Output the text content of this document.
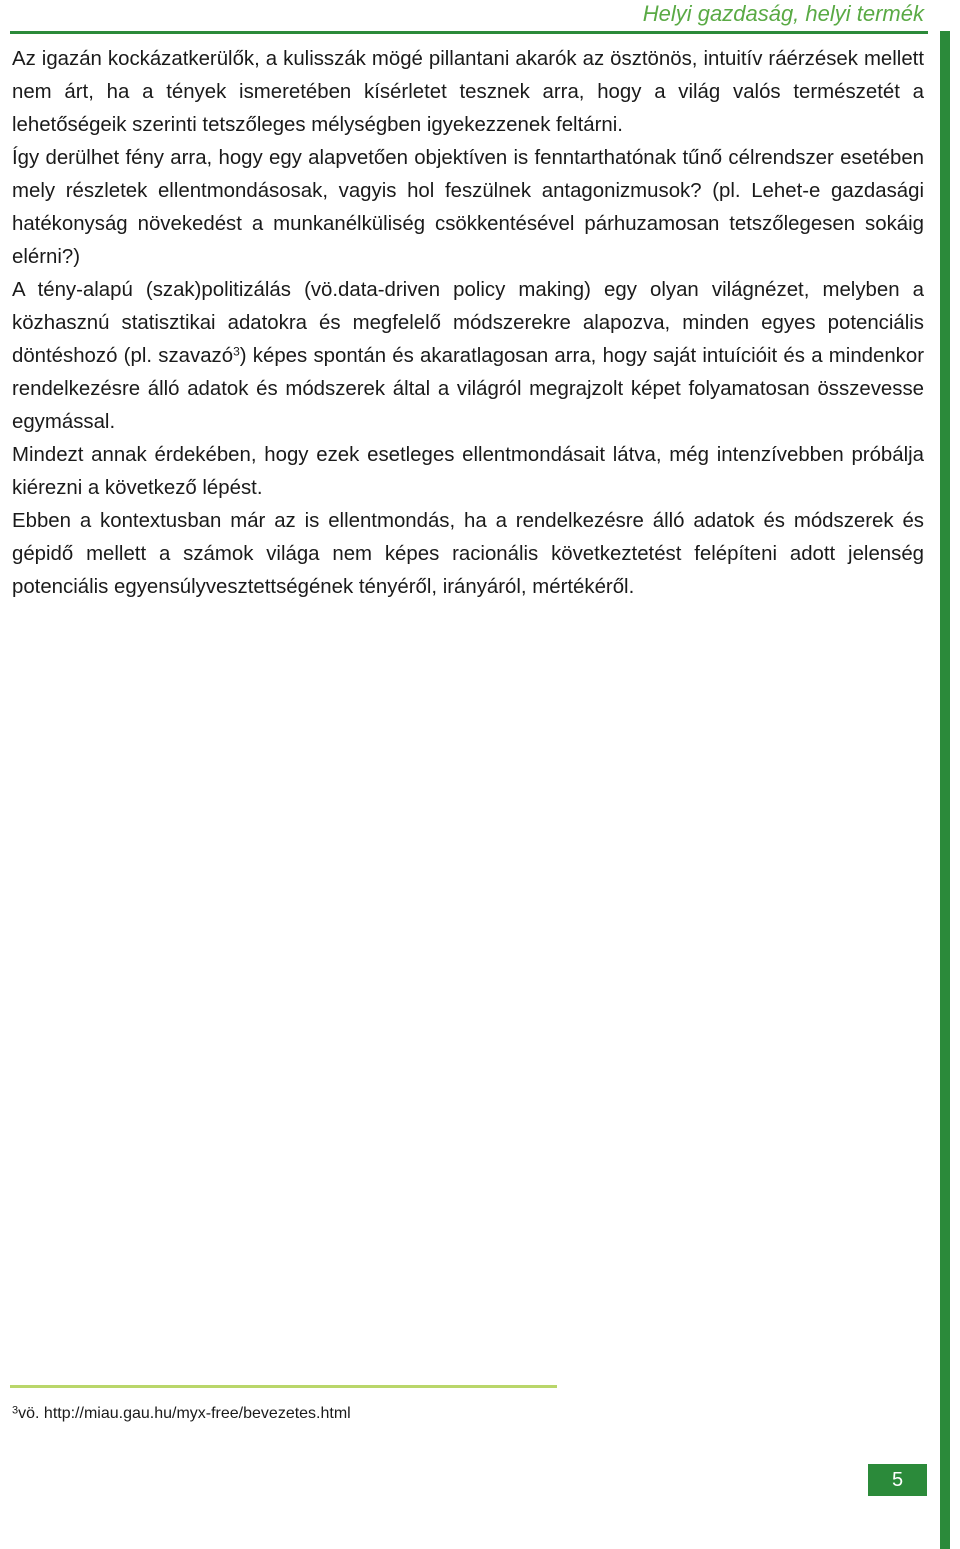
Helyi gazdaság, helyi termék

Az igazán kockázatkerülők, a kulisszák mögé pillantani akarók az ösztönös, intuitív ráérzések mellett nem árt, ha a tények ismeretében kísérletet tesznek arra, hogy a világ valós természetét a lehetőségeik szerinti tetszőleges mélységben igyekezzenek feltárni.

Így derülhet fény arra, hogy egy alapvetően objektíven is fenntarthatónak tűnő célrendszer esetében mely részletek ellentmondásosak, vagyis hol feszülnek antagonizmusok? (pl. Lehet-e gazdasági hatékonyság növekedést a munkanélküliség csökkentésével párhuzamosan tetszőlegesen sokáig elérni?)

A tény-alapú (szak)politizálás (vö.data-driven policy making) egy olyan világnézet, melyben a közhasznú statisztikai adatokra és megfelelő módszerekre alapozva, minden egyes potenciális döntéshozó (pl. szavazó$^3$) képes spontán és akaratlagosan arra, hogy saját intuícióit és a mindenkor rendelkezésre álló adatok és módszerek által a világról megrajzolt képet folyamatosan összevesse egymással.

Mindezt annak érdekében, hogy ezek esetleges ellentmondásait látva, még intenzívebben próbálja kiérezni a következő lépést.

Ebben a kontextusban már az is ellentmondás, ha a rendelkezésre álló adatok és módszerek és gépidő mellett a számok világa nem képes racionális következtetést felépíteni adott jelenség potenciális egyensúlyvesztettségének tényéről, irányáról, mértékéről.

$^3$vö. http://miau.gau.hu/myx-free/bevezetes.html
5
